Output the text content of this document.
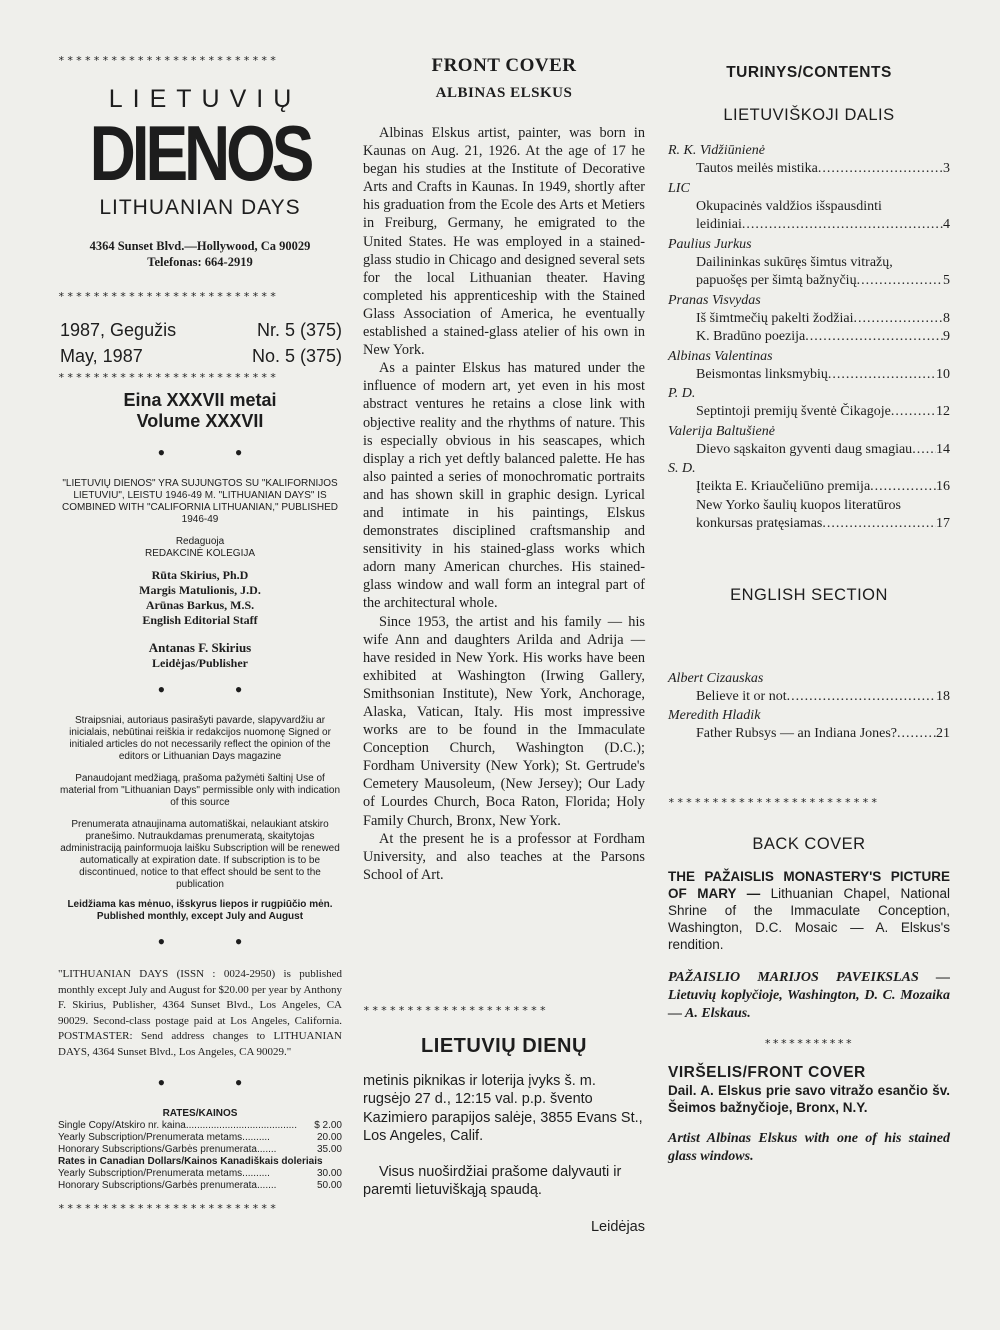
*************************
LIETUVIŲ
DIENOS
LITHUANIAN DAYS
4364 Sunset Blvd.—Hollywood, Ca 90029
Telefonas: 664-2919
*************************
1987, Gegužis	Nr. 5 (375)
May, 1987	No. 5 (375)
*************************
Eina XXXVII metai
Volume XXXVII
• •
"LIETUVIŲ DIENOS" YRA SUJUNGTOS SU "KALIFORNIJOS LIETUVIU", LEISTU 1946-49 M. "LITHUANIAN DAYS" IS COMBINED WITH "CALIFORNIA LITHUANIAN," PUBLISHED 1946-49
Redaguoja
REDAKCINĖ KOLEGIJA
Rūta Skirius, Ph.D
Margis Matulionis, J.D.
Arūnas Barkus, M.S.
English Editorial Staff
Antanas F. Skirius
Leidėjas/Publisher
• •
Straipsniai, autoriaus pasirašyti pavarde, slapyvardžiu ar inicialais, nebūtinai reiškia ir redakcijos nuomonę Signed or initialed articles do not necessarily reflect the opinion of the editors or Lithuanian Days magazine
Panaudojant medžiagą, prašoma pažymėti šaltinį Use of material from "Lithuanian Days" permissible only with indication of this source
Prenumerata atnaujinama automatiškai, nelaukiant atskiro pranešimo. Nutraukdamas prenumeratą, skaitytojas administraciją painformuoja laišku Subscription will be renewed automatically at expiration date. If subscription is to be discontinued, notice to that effect should be sent to the publication
Leidžiama kas mėnuo, išskyrus liepos ir rugpiūčio mėn.
Published monthly, except July and August
• •
"LITHUANIAN DAYS (ISSN : 0024-2950) is published monthly except July and August for $20.00 per year by Anthony F. Skirius, Publisher, 4364 Sunset Blvd., Los Angeles, CA 90029. Second-class postage paid at Los Angeles, California. POSTMASTER: Send address changes to LITHUANIAN DAYS, 4364 Sunset Blvd., Los Angeles, CA 90029."
• •
RATES/KAINOS
Single Copy/Atskiro nr. kaina........................................	$ 2.00
Yearly Subscription/Prenumerata metams..........	20.00
Honorary Subscriptions/Garbės prenumerata.......	35.00
Rates in Canadian Dollars/Kainos Kanadiškais doleriais
Yearly Subscription/Prenumerata metams..........	30.00
Honorary Subscriptions/Garbės prenumerata.......	50.00
*************************
FRONT COVER
ALBINAS ELSKUS

Albinas Elskus artist, painter, was born in Kaunas on Aug. 21, 1926. At the age of 17 he began his studies at the Institute of Decorative Arts and Crafts in Kaunas. In 1949, shortly after his graduation from the Ecole des Arts et Metiers in Freiburg, Germany, he emigrated to the United States. He was employed in a stained-glass studio in Chicago and designed several sets for the local Lithuanian theater. Having completed his apprenticeship with the Stained Glass Association of America, he eventually established a stained-glass atelier of his own in New York.

As a painter Elskus has matured under the influence of modern art, yet even in his most abstract ventures he retains a close link with objective reality and the rhythms of nature. This is especially obvious in his seascapes, which display a rich yet deftly balanced palette. He has also painted a series of monochromatic portraits and has shown skill in graphic design. Lyrical and intimate in his paintings, Elskus demonstrates disciplined craftsmanship and sensitivity in his stained-glass works which adorn many American churches. His stained-glass window and wall form an integral part of the architectural whole.

Since 1953, the artist and his family — his wife Ann and daughters Arilda and Adrija — have resided in New York. His works have been exhibited at Washington (Irwing Gallery, Smithsonian Institute), New York, Anchorage, Alaska, Vatican, Italy. His most impressive works are to be found in the Immaculate Conception Church, Washington (D.C.); Fordham University (New York); St. Gertrude's Cemetery Mausoleum, (New Jersey); Our Lady of Lourdes Church, Boca Raton, Florida; Holy Family Church, Bronx, New York.

At the present he is a professor at Fordham University, and also teaches at the Parsons School of Art.

*********************
LIETUVIŲ DIENŲ
metinis piknikas ir loterija įvyks š. m. rugsėjo 27 d., 12:15 val. p.p. švento Kazimiero parapijos salėje, 3855 Evans St., Los Angeles, Calif.
Visus nuoširdžiai prašome dalyvauti ir paremti lietuviškąją spaudą.
Leidėjas
TURINYS/CONTENTS
LIETUVIŠKOJI DALIS
R. K. Vidžiūnienė
Tautos meilės mistika .....	3
LIC
Okupacinės valdžios išspausdinti
leidiniai .....	4
Paulius Jurkus
Dailininkas sukūręs šimtus vitražų,
papuošęs per šimtą bažnyčių .....	5
Pranas Visvydas
Iš šimtmečių pakelti žodžiai .....	8
K. Bradūno poezija .....	9
Albinas Valentinas
Beismontas linksmybių .....	10
P. D.
Septintoji premijų šventė Čikagoje .....	12
Valerija Baltušienė
Dievo sąskaiton gyventi daug smagiau ..... 14
S. D.
Įteikta E. Kriaučeliūno premija .....	16
New Yorko šaulių kuopos literatūros
konkursas pratęsiamas .....	17
ENGLISH SECTION
Albert Cizauskas
Believe it or not .....	18
Meredith Hladik
Father Rubsys — an Indiana Jones? .....	21
************************
BACK COVER
THE PAŽAISLIS MONASTERY'S PICTURE OF MARY — Lithuanian Chapel, National Shrine of the Immaculate Conception, Washington, D.C. Mosaic — A. Elskus's rendition.
PAŽAISLIO MARIJOS PAVEIKSLAS — Lietuvių koplyčioje, Washington, D. C. Mozaika — A. Elskaus.
***********
VIRŠELIS/FRONT COVER
Dail. A. Elskus prie savo vitražo esančio šv. Šeimos bažnyčioje, Bronx, N.Y.
Artist Albinas Elskus with one of his stained glass windows.
